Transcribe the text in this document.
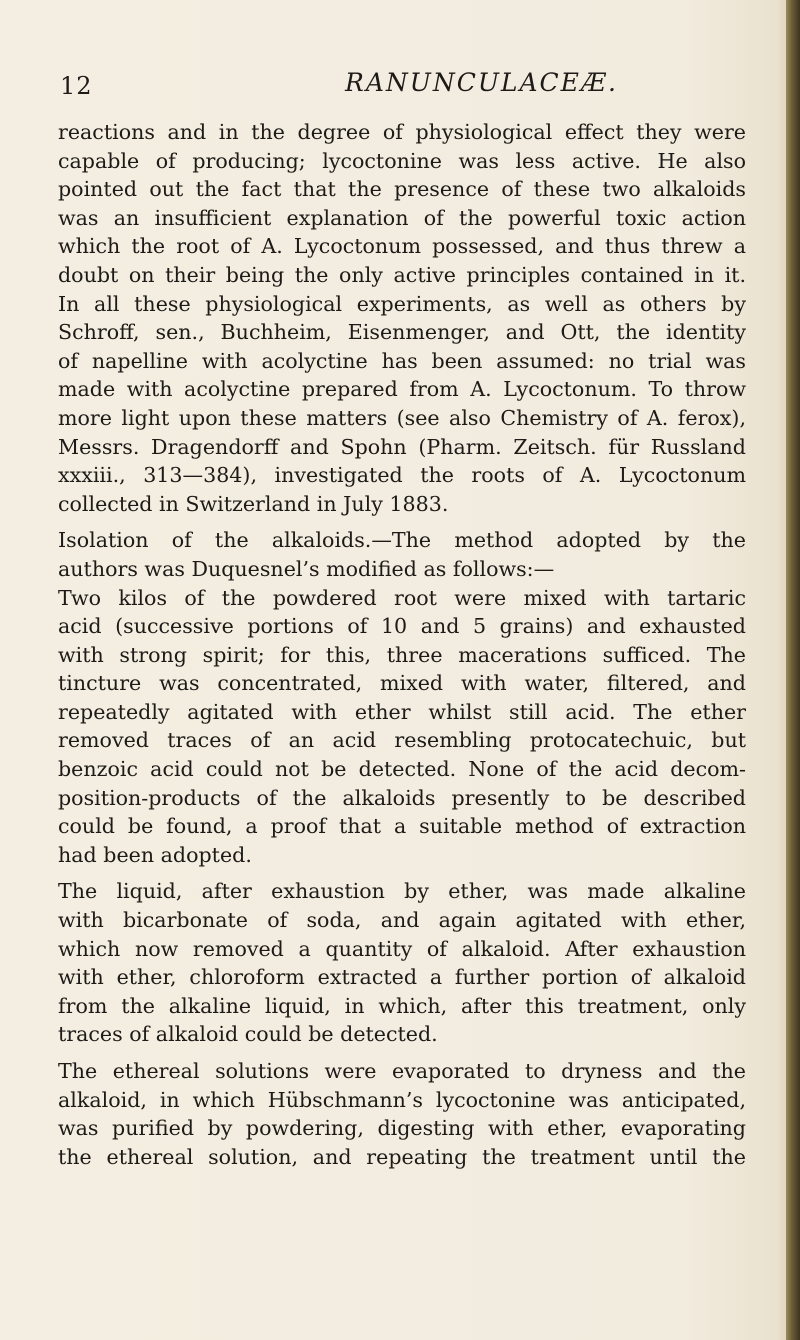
12	RANUNCULACEÆ.

reactions and in the degree of physiological effect they were
capable of producing; lycoctonine was less active. He also
pointed out the fact that the presence of these two alkaloids
was an insufficient explanation of the powerful toxic action
which the root of A. Lycoctonum possessed, and thus threw a
doubt on their being the only active principles contained in it.
In all these physiological experiments, as well as others by
Schroff, sen., Buchheim, Eisenmenger, and Ott, the identity
of napelline with acolyctine has been assumed: no trial was
made with acolyctine prepared from A. Lycoctonum. To throw
more light upon these matters (see also Chemistry of A. ferox),
Messrs. Dragendorff and Spohn (Pharm. Zeitsch. für Russland
xxxiii., 313—384), investigated the roots of A. Lycoctonum
collected in Switzerland in July 1883.

Isolation of the alkaloids.—The method adopted by the
authors was Duquesnel’s modified as follows:—

Two kilos of the powdered root were mixed with tartaric
acid (successive portions of 10 and 5 grains) and exhausted
with strong spirit; for this, three macerations sufficed. The
tincture was concentrated, mixed with water, filtered, and
repeatedly agitated with ether whilst still acid. The ether
removed traces of an acid resembling protocatechuic, but
benzoic acid could not be detected. None of the acid decom-
position-products of the alkaloids presently to be described
could be found, a proof that a suitable method of extraction
had been adopted.

The liquid, after exhaustion by ether, was made alkaline
with bicarbonate of soda, and again agitated with ether,
which now removed a quantity of alkaloid. After exhaustion
with ether, chloroform extracted a further portion of alkaloid
from the alkaline liquid, in which, after this treatment, only
traces of alkaloid could be detected.

The ethereal solutions were evaporated to dryness and the
alkaloid, in which Hübschmann’s lycoctonine was anticipated,
was purified by powdering, digesting with ether, evaporating
the ethereal solution, and repeating the treatment until the
